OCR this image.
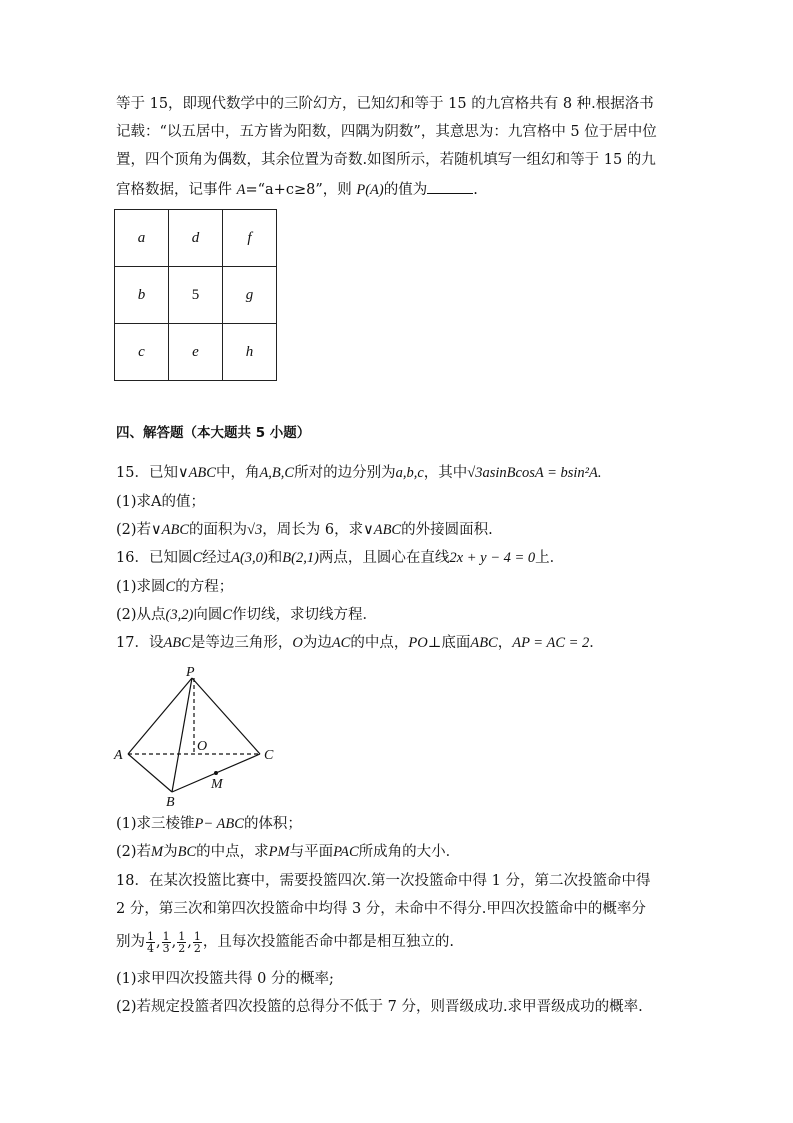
等于 15，即现代数学中的三阶幻方，已知幻和等于 15 的九宫格共有 8 种.根据洛书
记载：“以五居中，五方皆为阳数，四隅为阴数”，其意思为：九宫格中 5 位于居中位
置，四个顶角为偶数，其余位置为奇数.如图所示，若随机填写一组幻和等于 15 的九
宫格数据，记事件 A=“a+c≥8”，则 P(A)的值为	.
a	d	f
b	5	g
c	e	h
四、解答题（本大题共 5 小题）
15．已知∨ABC中，角A,B,C所对的边分别为a,b,c，其中√3asinBcosA = bsin²A.
(1)求A的值；
(2)若∨ABC的面积为√3，周长为 6，求∨ABC的外接圆面积.
16．已知圆C经过A(3,0)和B(2,1)两点，且圆心在直线2x + y − 4 = 0上．
(1)求圆C的方程；
(2)从点(3,2)向圆C作切线，求切线方程．
17．设ABC是等边三角形，O为边AC的中点，PO⊥底面ABC，AP = AC = 2．
P
A	C
B
O
M
(1)求三棱锥P− ABC的体积；
(2)若M为BC的中点，求PM与平面PAC所成角的大小．
18．在某次投篮比赛中，需要投篮四次.第一次投篮命中得 1 分，第二次投篮命中得
2 分，第三次和第四次投篮命中均得 3 分，未命中不得分.甲四次投篮命中的概率分
别为 $\frac{1}{4}$ , $\frac{1}{3}$ , $\frac{1}{2}$ , $\frac{1}{2}$ ，且每次投篮能否命中都是相互独立的.
(1)求甲四次投篮共得 0 分的概率;
(2)若规定投篮者四次投篮的总得分不低于 7 分，则晋级成功.求甲晋级成功的概率.
